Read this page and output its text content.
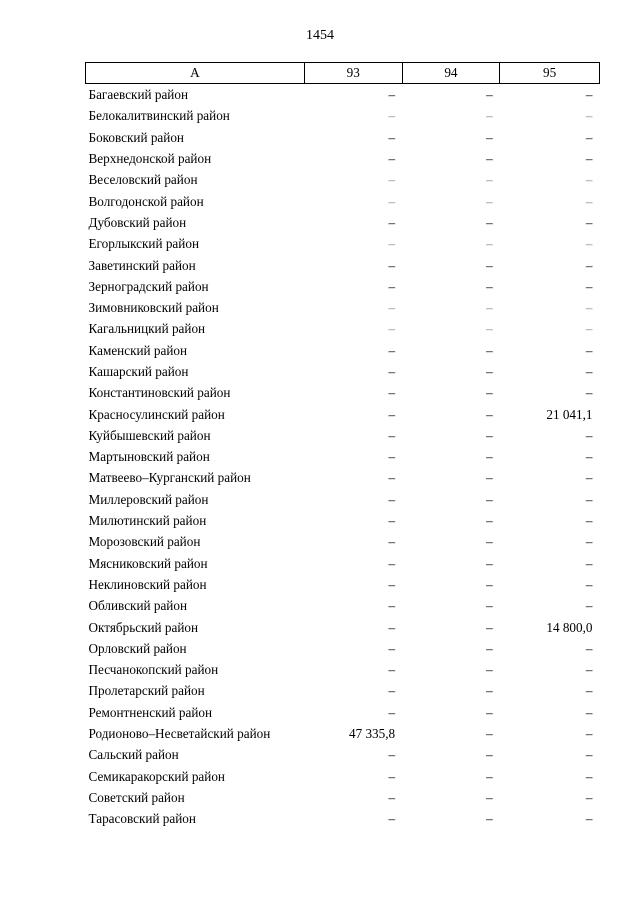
1454
А	93	94	95
Багаевский район	–	–	–
Белокалитвинский район	–	–	–
Боковский район	–	–	–
Верхнедонской район	–	–	–
Веселовский район	–	–	–
Волгодонской район	–	–	–
Дубовский район	–	–	–
Егорлыкский район	–	–	–
Заветинский район	–	–	–
Зерноградский район	–	–	–
Зимовниковский район	–	–	–
Кагальницкий район	–	–	–
Каменский район	–	–	–
Кашарский район	–	–	–
Константиновский район	–	–	–
Красносулинский район	–	–	21 041,1
Куйбышевский район	–	–	–
Мартыновский район	–	–	–
Матвеево–Курганский район	–	–	–
Миллеровский район	–	–	–
Милютинский район	–	–	–
Морозовский район	–	–	–
Мясниковский район	–	–	–
Неклиновский район	–	–	–
Обливский район	–	–	–
Октябрьский район	–	–	14 800,0
Орловский район	–	–	–
Песчанокопский район	–	–	–
Пролетарский район	–	–	–
Ремонтненский район	–	–	–
Родионово–Несветайский район	47 335,8	–	–
Сальский район	–	–	–
Семикаракорский район	–	–	–
Советский район	–	–	–
Тарасовский район	–	–	–
